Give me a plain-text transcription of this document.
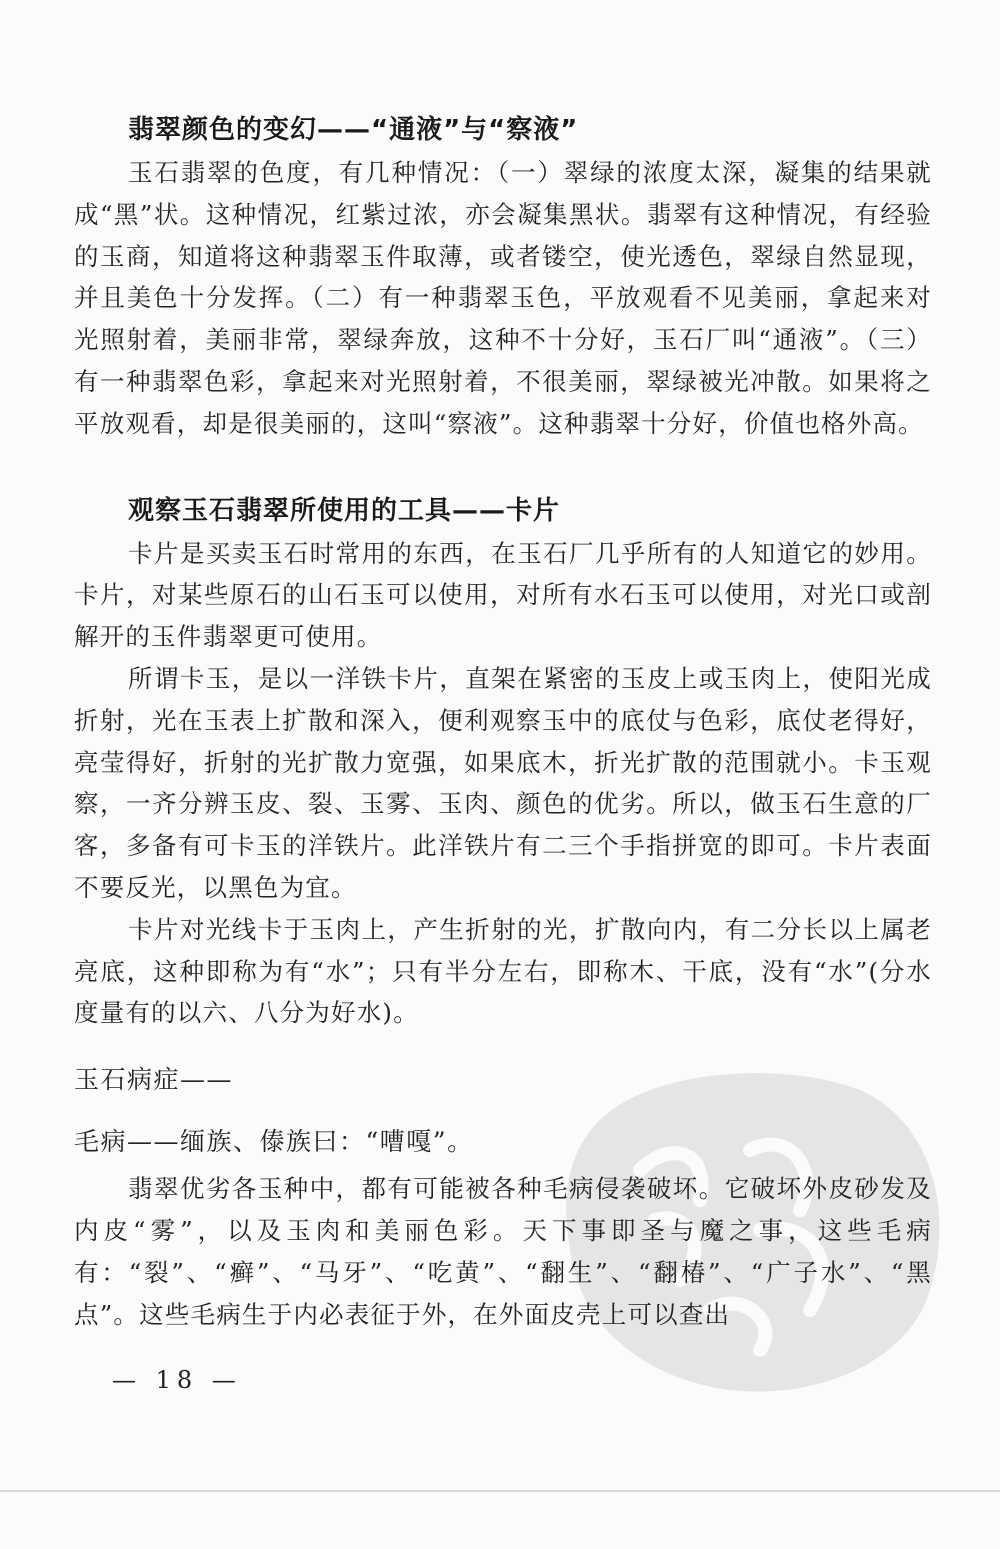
翡翠颜色的变幻——“通液”与“察液”

玉石翡翠的色度，有几种情况：（一）翠绿的浓度太深，凝集的结果就成“黑”状。这种情况，红紫过浓，亦会凝集黑状。翡翠有这种情况，有经验的玉商，知道将这种翡翠玉件取薄，或者镂空，使光透色，翠绿自然显现，并且美色十分发挥。（二）有一种翡翠玉色，平放观看不见美丽，拿起来对光照射着，美丽非常，翠绿奔放，这种不十分好，玉石厂叫“通液”。（三）有一种翡翠色彩，拿起来对光照射着，不很美丽，翠绿被光冲散。如果将之平放观看，却是很美丽的，这叫“察液”。这种翡翠十分好，价值也格外高。

观察玉石翡翠所使用的工具——卡片

卡片是买卖玉石时常用的东西，在玉石厂几乎所有的人知道它的妙用。卡片，对某些原石的山石玉可以使用，对所有水石玉可以使用，对光口或剖解开的玉件翡翠更可使用。

所谓卡玉，是以一洋铁卡片，直架在紧密的玉皮上或玉肉上，使阳光成折射，光在玉表上扩散和深入，便利观察玉中的底仗与色彩，底仗老得好，亮莹得好，折射的光扩散力宽强，如果底木，折光扩散的范围就小。卡玉观察，一齐分辨玉皮、裂、玉雾、玉肉、颜色的优劣。所以，做玉石生意的厂客，多备有可卡玉的洋铁片。此洋铁片有二三个手指拼宽的即可。卡片表面不要反光，以黑色为宜。

卡片对光线卡于玉肉上，产生折射的光，扩散向内，有二分长以上属老亮底，这种即称为有“水”；只有半分左右，即称木、干底，没有“水”(分水度量有的以六、八分为好水)。

玉石病症——

毛病——缅族、傣族曰：“嘈嘎”。

翡翠优劣各玉种中，都有可能被各种毛病侵袭破坏。它破坏外皮砂发及内皮“雾”，以及玉肉和美丽色彩。天下事即圣与魔之事，这些毛病有：“裂”、“癣”、“马牙”、“吃黄”、“翻生”、“翻椿”、“广子水”、“黑点”。这些毛病生于内必表征于外，在外面皮壳上可以查出

— 18 —
